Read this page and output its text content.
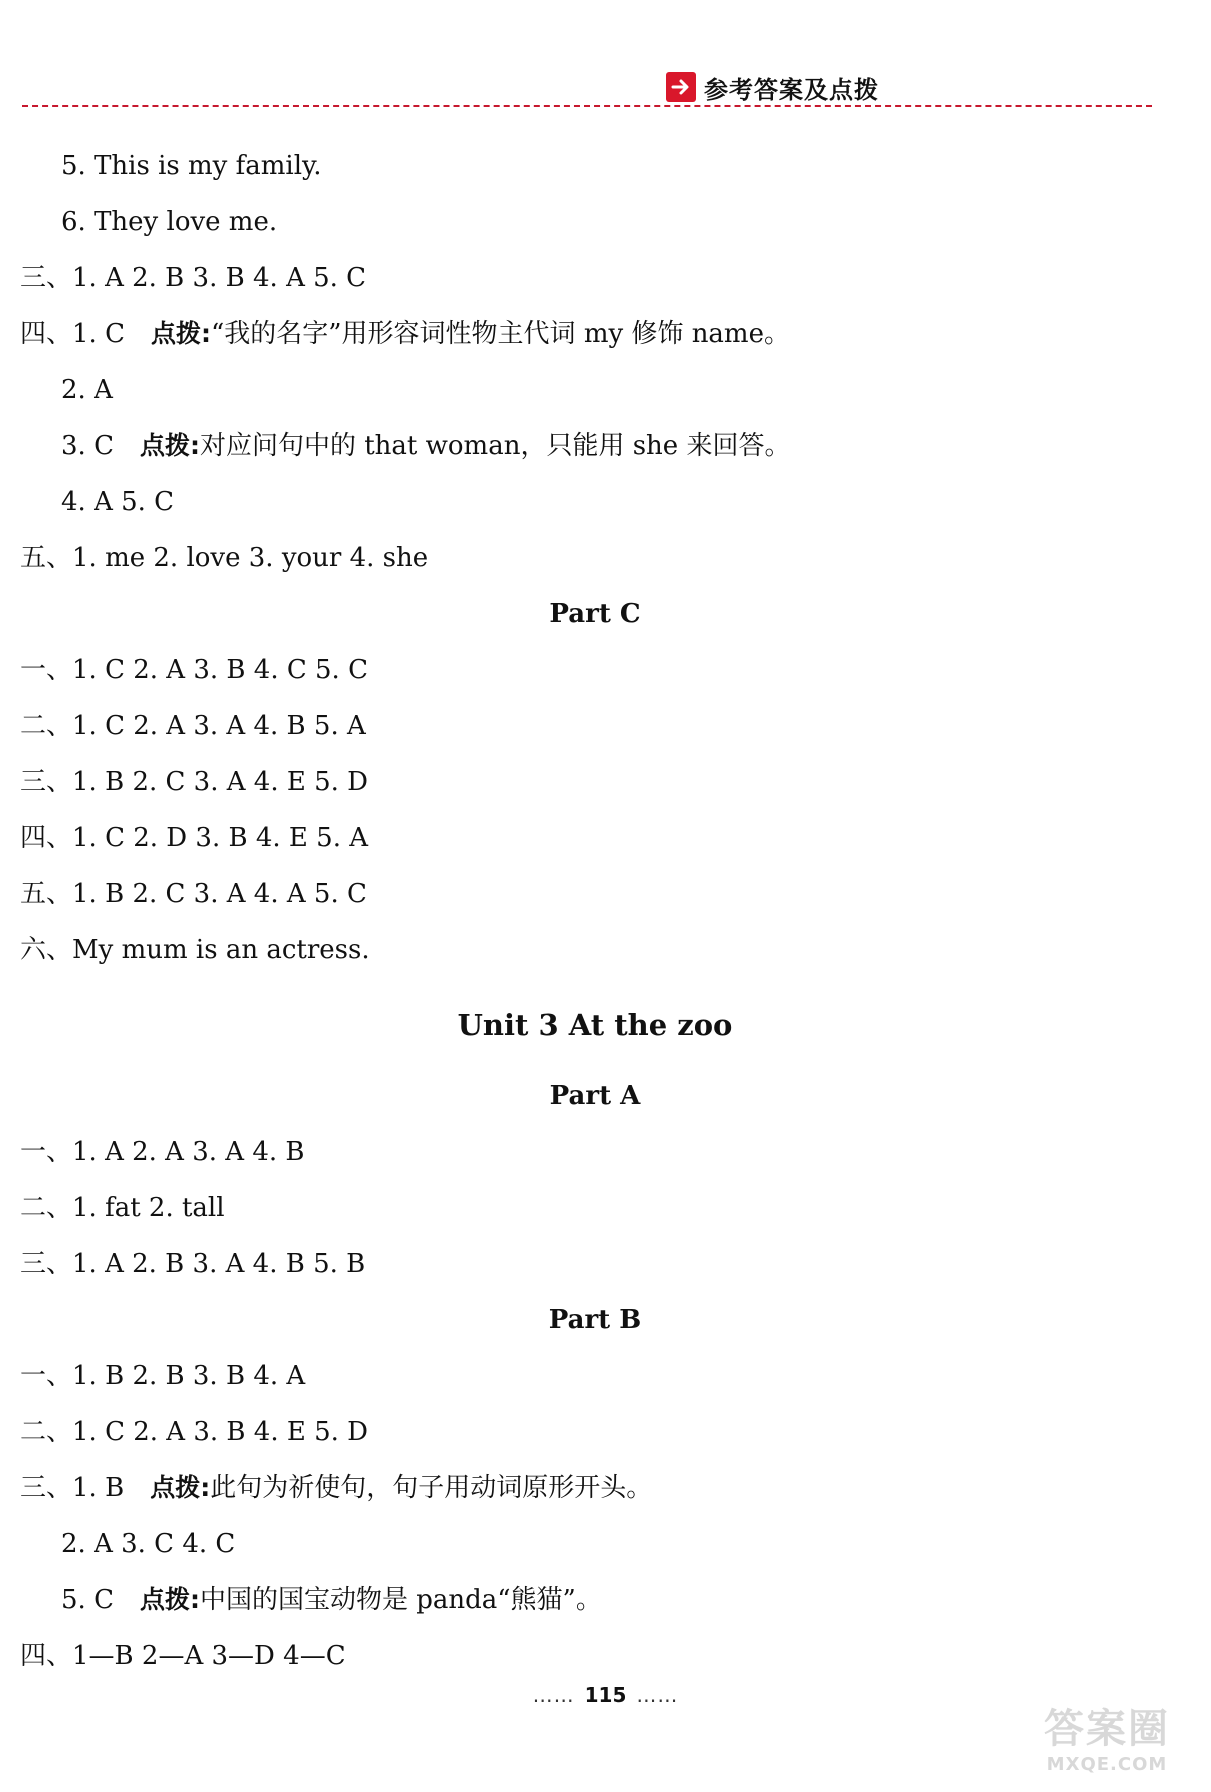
参考答案及点拨
5. This is my family.
6. They love me.
三、1. A 2. B 3. B 4. A 5. C
四、1. C 点拨:“我的名字”用形容词性物主代词 my 修饰 name。
2. A
3. C 点拨:对应问句中的 that woman，只能用 she 来回答。
4. A 5. C
五、1. me 2. love 3. your 4. she
Part C
一、1. C 2. A 3. B 4. C 5. C
二、1. C 2. A 3. A 4. B 5. A
三、1. B 2. C 3. A 4. E 5. D
四、1. C 2. D 3. B 4. E 5. A
五、1. B 2. C 3. A 4. A 5. C
六、My mum is an actress.
Unit 3 At the zoo
Part A
一、1. A 2. A 3. A 4. B
二、1. fat 2. tall
三、1. A 2. B 3. A 4. B 5. B
Part B
一、1. B 2. B 3. B 4. A
二、1. C 2. A 3. B 4. E 5. D
三、1. B 点拨:此句为祈使句，句子用动词原形开头。
2. A 3. C 4. C
5. C 点拨:中国的国宝动物是 panda“熊猫”。
四、1—B 2—A 3—D 4—C
…… 115 ……
答案圈
MXQE.COM
